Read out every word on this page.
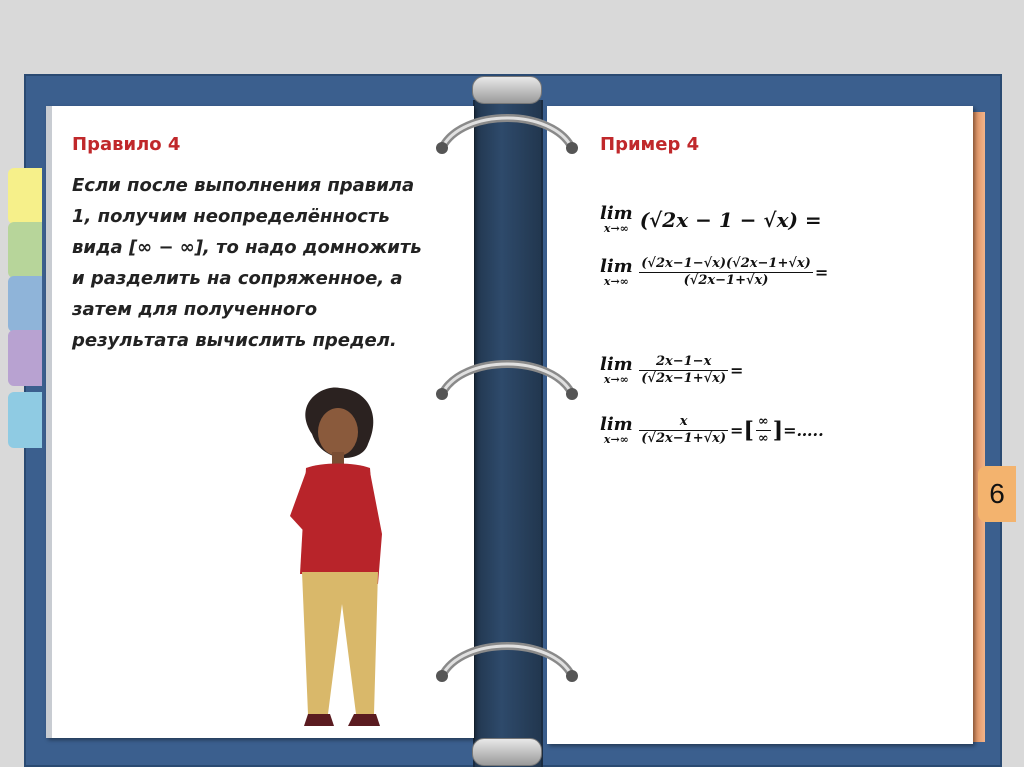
Правило 4

Если после выполнения правила 1, получим неопределённость вида [∞ − ∞], то надо домножить и разделить на сопряженное, а затем для полученного результата вычислить предел.

Пример 4
lim
x→∞ (√2x − 1 − √x) =
lim
x→∞
$\frac{(√2x-1-√x)(√2x-1+√x)}{(√2x-1+√x)}$ =
lim
x→∞
$\frac{2x-1-x}{(√2x-1+√x)}$ =
lim
x→∞
$\frac{x}{(√2x-1+√x)}$ =[ $\frac{\infty}{\infty}$ ]=…..
6
